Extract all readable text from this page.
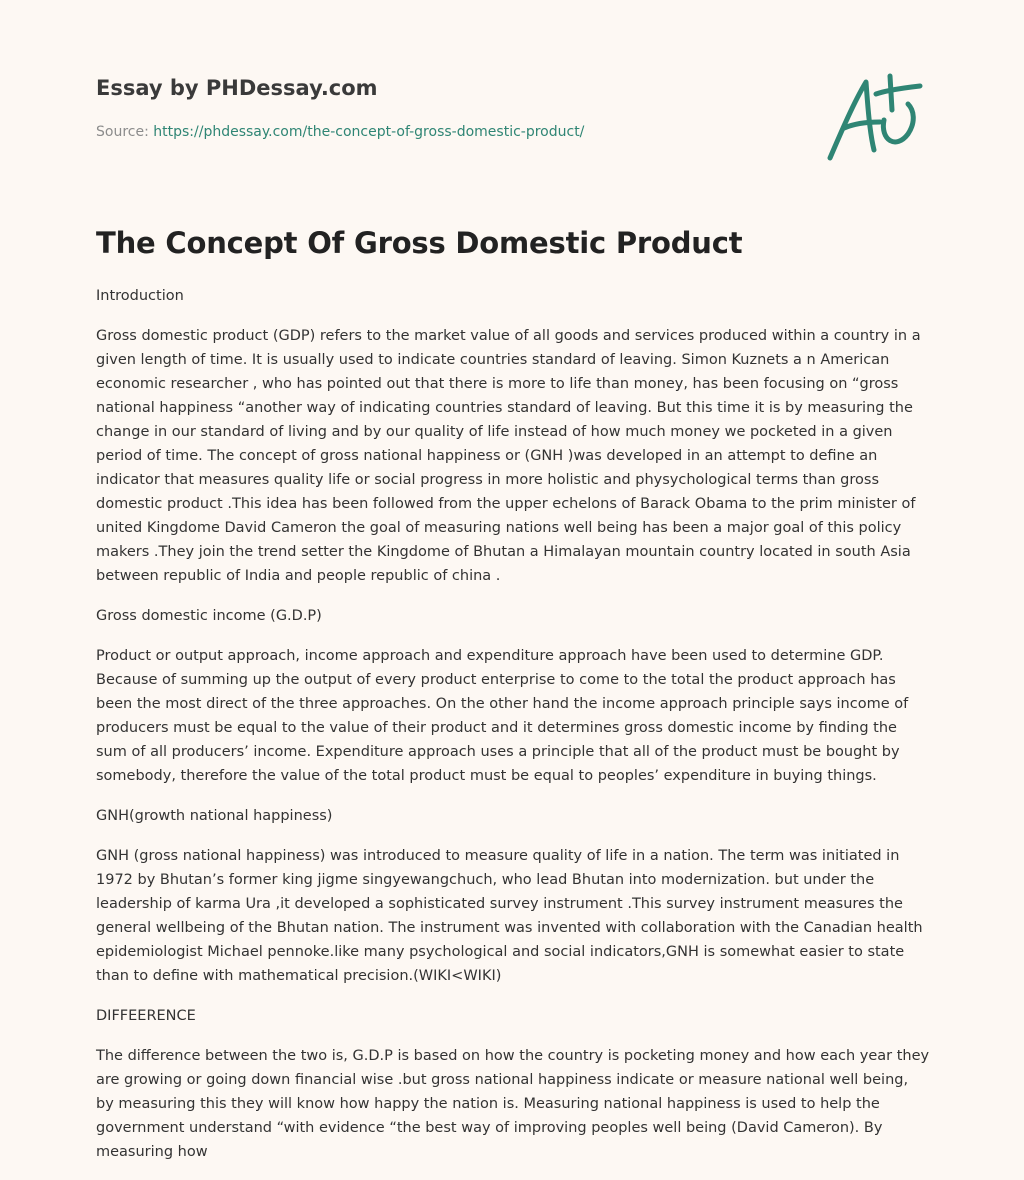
Essay by PHDessay.com

Source: https://phdessay.com/the-concept-of-gross-domestic-product/

The Concept Of Gross Domestic Product

Introduction

Gross domestic product (GDP) refers to the market value of all goods and services produced within a country in a given length of time. It is usually used to indicate countries standard of leaving. Simon Kuznets a n American economic researcher , who has pointed out that there is more to life than money, has been focusing on “gross national happiness “another way of indicating countries standard of leaving. But this time it is by measuring the change in our standard of living and by our quality of life instead of how much money we pocketed in a given period of time. The concept of gross national happiness or (GNH )was developed in an attempt to define an indicator that measures quality life or social progress in more holistic and physychological terms than gross domestic product .This idea has been followed from the upper echelons of Barack Obama to the prim minister of united Kingdome David Cameron the goal of measuring nations well being has been a major goal of this policy makers .They join the trend setter the Kingdome of Bhutan a Himalayan mountain country located in south Asia between republic of India and people republic of china .

Gross domestic income (G.D.P)

Product or output approach, income approach and expenditure approach have been used to determine GDP. Because of summing up the output of every product enterprise to come to the total the product approach has been the most direct of the three approaches. On the other hand the income approach principle says income of producers must be equal to the value of their product and it determines gross domestic income by finding the sum of all producers’ income. Expenditure approach uses a principle that all of the product must be bought by somebody, therefore the value of the total product must be equal to peoples’ expenditure in buying things.

GNH(growth national happiness)

GNH (gross national happiness) was introduced to measure quality of life in a nation. The term was initiated in 1972 by Bhutan’s former king jigme singyewangchuch, who lead Bhutan into modernization. but under the leadership of karma Ura ,it developed a sophisticated survey instrument .This survey instrument measures the general wellbeing of the Bhutan nation. The instrument was invented with collaboration with the Canadian health epidemiologist Michael pennoke.like many psychological and social indicators,GNH is somewhat easier to state than to define with mathematical precision.(WIKI<WIKI)

DIFFEERENCE

The difference between the two is, G.D.P is based on how the country is pocketing money and how each year they are growing or going down financial wise .but gross national happiness indicate or measure national well being, by measuring this they will know how happy the nation is. Measuring national happiness is used to help the government understand “with evidence “the best way of improving peoples well being (David Cameron). By measuring how
